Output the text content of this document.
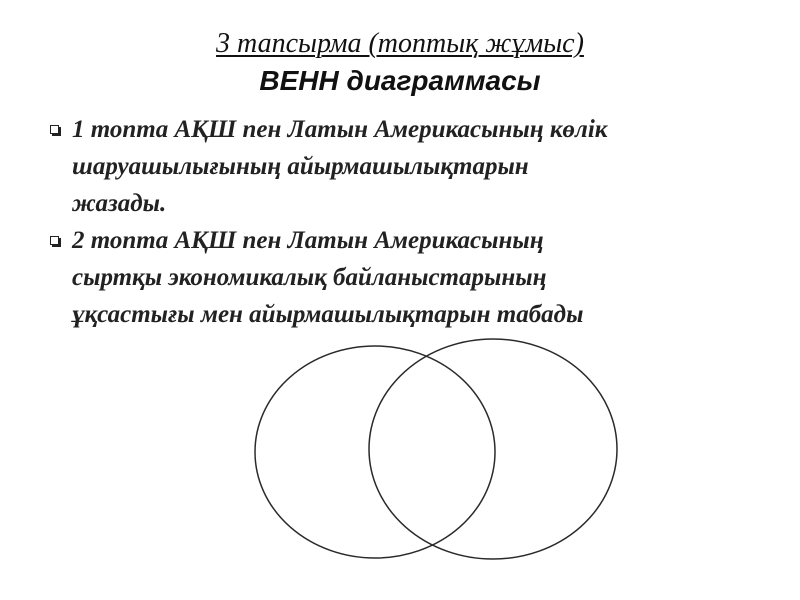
3 тапсырма (топтық жұмыс)
ВЕНН диаграммасы
1 топта АҚШ пен Латын Америкасының көлік
шаруашылығының айырмашылықтарын
жазады.
2 топта АҚШ пен Латын Америкасының
сыртқы экономикалық байланыстарының
ұқсастығы мен айырмашылықтарын табады
